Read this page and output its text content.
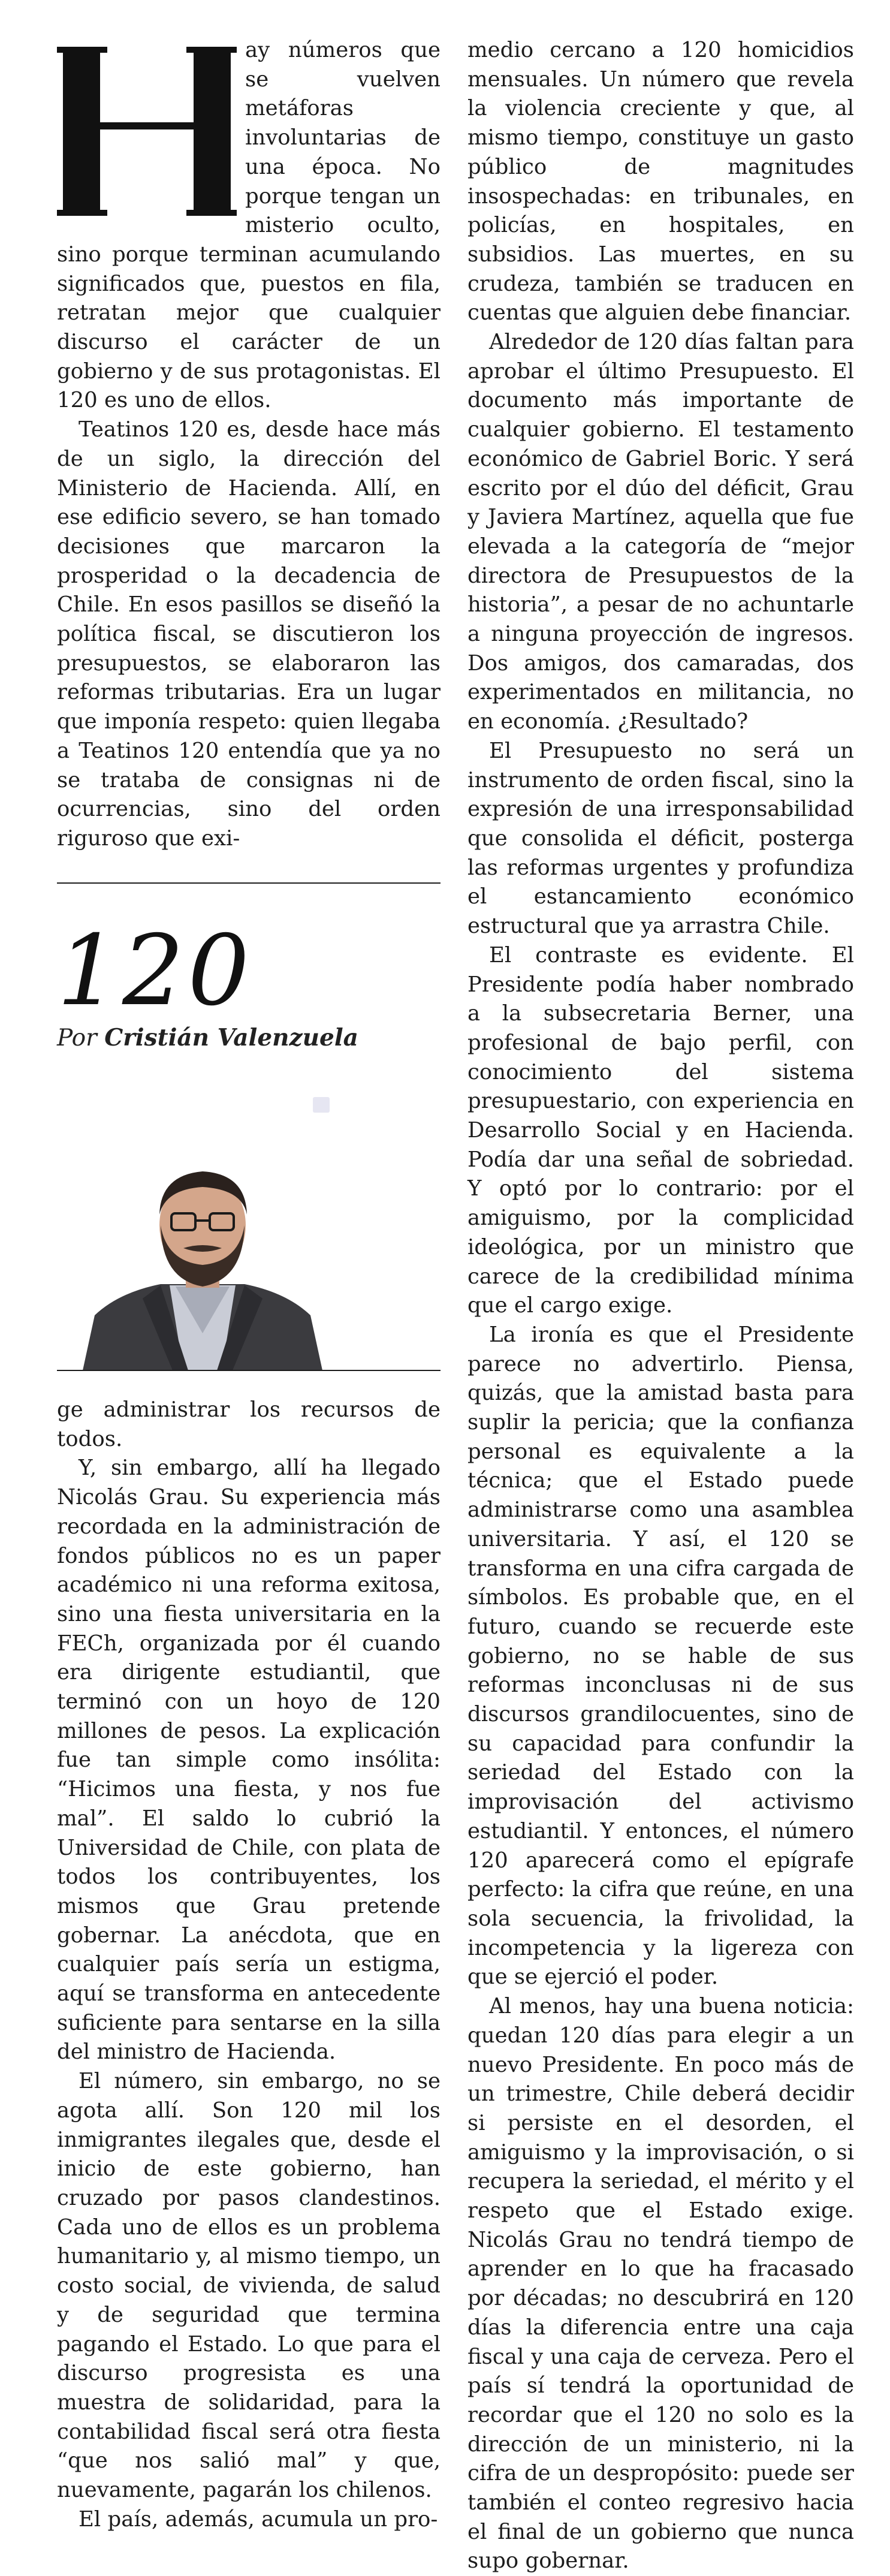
ay números que se vuelven metáforas involuntarias de una época. No porque tengan un misterio oculto, sino porque terminan acumulando significados que, puestos en fila, retratan mejor que cualquier discurso el carácter de un gobierno y de sus protagonistas. El 120 es uno de ellos.

Teatinos 120 es, desde hace más de un siglo, la dirección del Ministerio de Hacienda. Allí, en ese edificio severo, se han tomado decisiones que marcaron la prosperidad o la decadencia de Chile. En esos pasillos se diseñó la política fiscal, se discutieron los presupuestos, se elaboraron las reformas tributarias. Era un lugar que imponía respeto: quien llegaba a Teatinos 120 entendía que ya no se trataba de consignas ni de ocurrencias, sino del orden riguroso que exi-

120
Por Cristián Valenzuela

ge administrar los recursos de todos.

Y, sin embargo, allí ha llegado Nicolás Grau. Su experiencia más recordada en la administración de fondos públicos no es un paper académico ni una reforma exitosa, sino una fiesta universitaria en la FECh, organizada por él cuando era dirigente estudiantil, que terminó con un hoyo de 120 millones de pesos. La explicación fue tan simple como insólita: “Hicimos una fiesta, y nos fue mal”. El saldo lo cubrió la Universidad de Chile, con plata de todos los contribuyentes, los mismos que Grau pretende gobernar. La anécdota, que en cualquier país sería un estigma, aquí se transforma en antecedente suficiente para sentarse en la silla del ministro de Hacienda.

El número, sin embargo, no se agota allí. Son 120 mil los inmigrantes ilegales que, desde el inicio de este gobierno, han cruzado por pasos clandestinos. Cada uno de ellos es un problema humanitario y, al mismo tiempo, un costo social, de vivienda, de salud y de seguridad que termina pagando el Estado. Lo que para el discurso progresista es una muestra de solidaridad, para la contabilidad fiscal será otra fiesta “que nos salió mal” y que, nuevamente, pagarán los chilenos.

El país, además, acumula un pro-

medio cercano a 120 homicidios mensuales. Un número que revela la violencia creciente y que, al mismo tiempo, constituye un gasto público de magnitudes insospechadas: en tribunales, en policías, en hospitales, en subsidios. Las muertes, en su crudeza, también se traducen en cuentas que alguien debe financiar.

Alrededor de 120 días faltan para aprobar el último Presupuesto. El documento más importante de cualquier gobierno. El testamento económico de Gabriel Boric. Y será escrito por el dúo del déficit, Grau y Javiera Martínez, aquella que fue elevada a la categoría de “mejor directora de Presupuestos de la historia”, a pesar de no achuntarle a ninguna proyección de ingresos. Dos amigos, dos camaradas, dos experimentados en militancia, no en economía. ¿Resultado?

El Presupuesto no será un instrumento de orden fiscal, sino la expresión de una irresponsabilidad que consolida el déficit, posterga las reformas urgentes y profundiza el estancamiento económico estructural que ya arrastra Chile.

El contraste es evidente. El Presidente podía haber nombrado a la subsecretaria Berner, una profesional de bajo perfil, con conocimiento del sistema presupuestario, con experiencia en Desarrollo Social y en Hacienda. Podía dar una señal de sobriedad. Y optó por lo contrario: por el amiguismo, por la complicidad ideológica, por un ministro que carece de la credibilidad mínima que el cargo exige.

La ironía es que el Presidente parece no advertirlo. Piensa, quizás, que la amistad basta para suplir la pericia; que la confianza personal es equivalente a la técnica; que el Estado puede administrarse como una asamblea universitaria. Y así, el 120 se transforma en una cifra cargada de símbolos. Es probable que, en el futuro, cuando se recuerde este gobierno, no se hable de sus reformas inconclusas ni de sus discursos grandilocuentes, sino de su capacidad para confundir la seriedad del Estado con la improvisación del activismo estudiantil. Y entonces, el número 120 aparecerá como el epígrafe perfecto: la cifra que reúne, en una sola secuencia, la frivolidad, la incompetencia y la ligereza con que se ejerció el poder.

Al menos, hay una buena noticia: quedan 120 días para elegir a un nuevo Presidente. En poco más de un trimestre, Chile deberá decidir si persiste en el desorden, el amiguismo y la improvisación, o si recupera la seriedad, el mérito y el respeto que el Estado exige. Nicolás Grau no tendrá tiempo de aprender en lo que ha fracasado por décadas; no descubrirá en 120 días la diferencia entre una caja fiscal y una caja de cerveza. Pero el país sí tendrá la oportunidad de recordar que el 120 no solo es la dirección de un ministerio, ni la cifra de un despropósito: puede ser también el conteo regresivo hacia el final de un gobierno que nunca supo gobernar.
